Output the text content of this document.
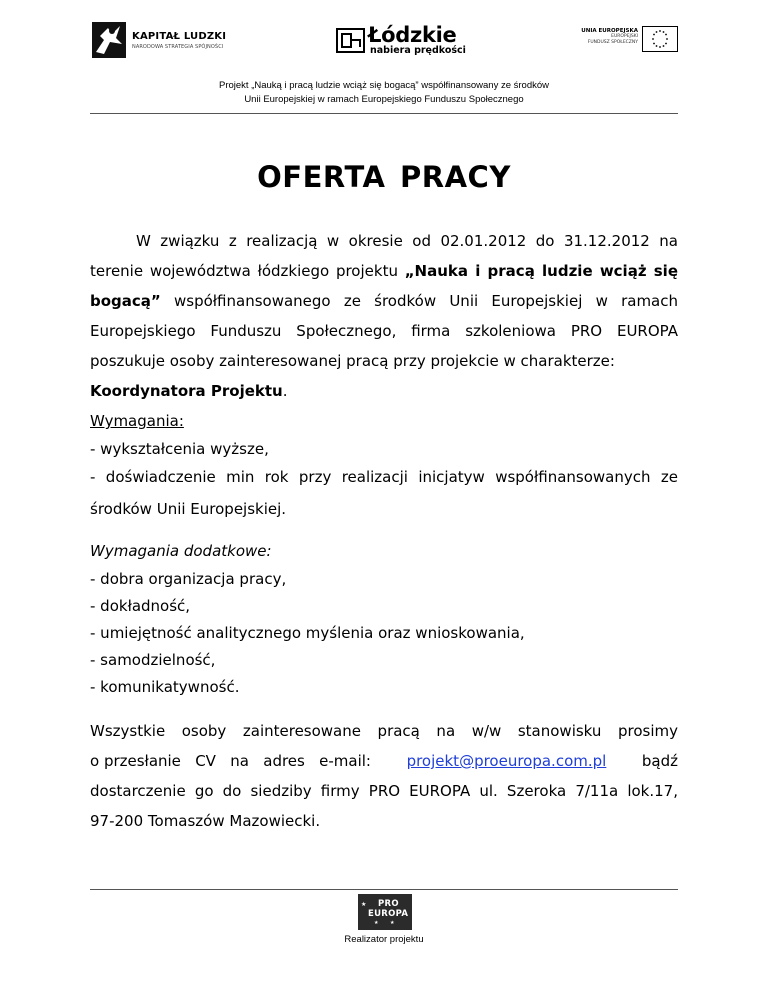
KAPITAŁ LUDZKI
NARODOWA STRATEGIA SPÓJNOŚCI	Łódzkie
nabiera prędkości
UNIA EUROPEJSKA
EUROPEJSKI
FUNDUSZ SPOŁECZNY
Projekt „Nauką i pracą ludzie wciąż się bogacą” współfinansowany ze środków
Unii Europejskiej w ramach Europejskiego Funduszu Społecznego
OFERTA PRACY
W związku z realizacją w okresie od 02.01.2012 do 31.12.2012 na terenie województwa łódzkiego projektu „Nauka i pracą ludzie wciąż się bogacą” współfinansowanego ze środków Unii Europejskiej w ramach Europejskiego Funduszu Społecznego, firma szkoleniowa PRO EUROPA poszukuje osoby zainteresowanej pracą przy projekcie w charakterze:
Koordynatora Projektu.
Wymagania:
- wykształcenia wyższe,
- doświadczenie min rok przy realizacji inicjatyw współfinansowanych ze
środków Unii Europejskiej.
Wymagania dodatkowe:
- dobra organizacja pracy,
- dokładność,
- umiejętność analitycznego myślenia oraz wnioskowania,
- samodzielność,
- komunikatywność.
Wszystkie osoby zainteresowane pracą na w/w stanowisku prosimy
o przesłanie   CV   na   adres   e-mail: projekt@proeuropa.com.pl bądź
dostarczenie go do siedziby firmy PRO EUROPA ul. Szeroka 7/11a lok.17,
97-200 Tomaszów Mazowiecki.
PRO
EUROPA
★
★ ★
Realizator projektu
